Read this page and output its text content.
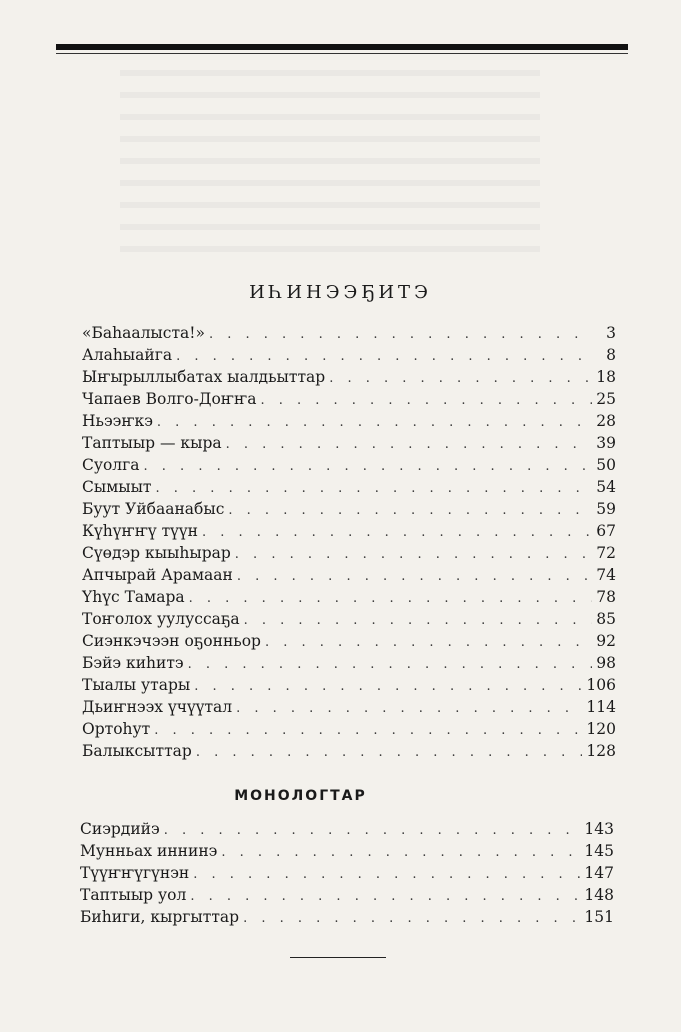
ИҺИНЭЭҔИТЭ
«Баһаалыста!» . . .	3
Алаһыайга . . .	8
Ыҥырыллыбатах ыалдьыттар . . .	18
Чапаев Волго-Доҥҥа . . .	25
Ньээҥкэ . . .	28
Таптыыр — кыра . . .	39
Суолга . . .	50
Сымыыт . . .	54
Буут Уйбаанабыс . . .	59
Күһүҥҥү түүн . . .	67
Сүөдэр кыыһырар . . .	72
Апчырай Арамаан . . .	74
Үһүс Тамара . . .	78
Тоҥолох уулуссаҕа . . .	85
Сиэнкэчээн оҕонньор . . .	92
Бэйэ киһитэ . . .	98
Тыалы утары . . .	106
Дьиҥнээх үчүүтал . . .	114
Ортоһут . . .	120
Балыксыттар . . .	128
МОНОЛОГТАР
Сиэрдийэ . . .	143
Мунньах иннинэ . . .	145
Түүҥҥүгүнэн . . .	147
Таптыыр уол . . .	148
Биһиги, кыргыттар . . .	151
